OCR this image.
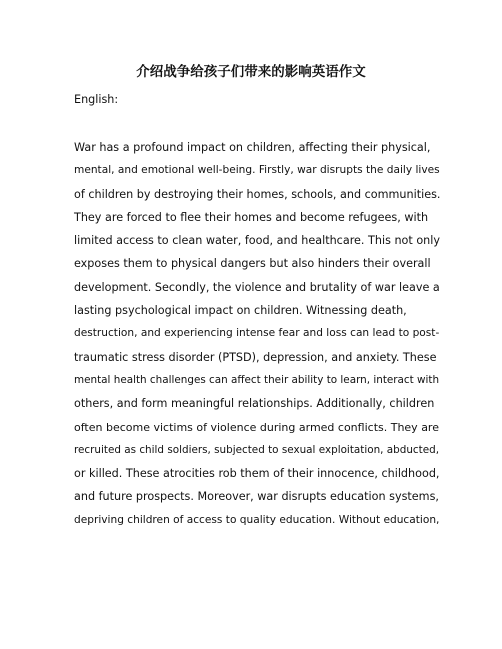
介绍战争给孩子们带来的影响英语作文

English:

War has a profound impact on children, affecting their physical,
mental, and emotional well-being. Firstly, war disrupts the daily lives
of children by destroying their homes, schools, and communities.
They are forced to flee their homes and become refugees, with
limited access to clean water, food, and healthcare. This not only
exposes them to physical dangers but also hinders their overall
development. Secondly, the violence and brutality of war leave a
lasting psychological impact on children. Witnessing death,
destruction, and experiencing intense fear and loss can lead to post-
traumatic stress disorder (PTSD), depression, and anxiety. These
mental health challenges can affect their ability to learn, interact with
others, and form meaningful relationships. Additionally, children
often become victims of violence during armed conflicts. They are
recruited as child soldiers, subjected to sexual exploitation, abducted,
or killed. These atrocities rob them of their innocence, childhood,
and future prospects. Moreover, war disrupts education systems,
depriving children of access to quality education. Without education,
